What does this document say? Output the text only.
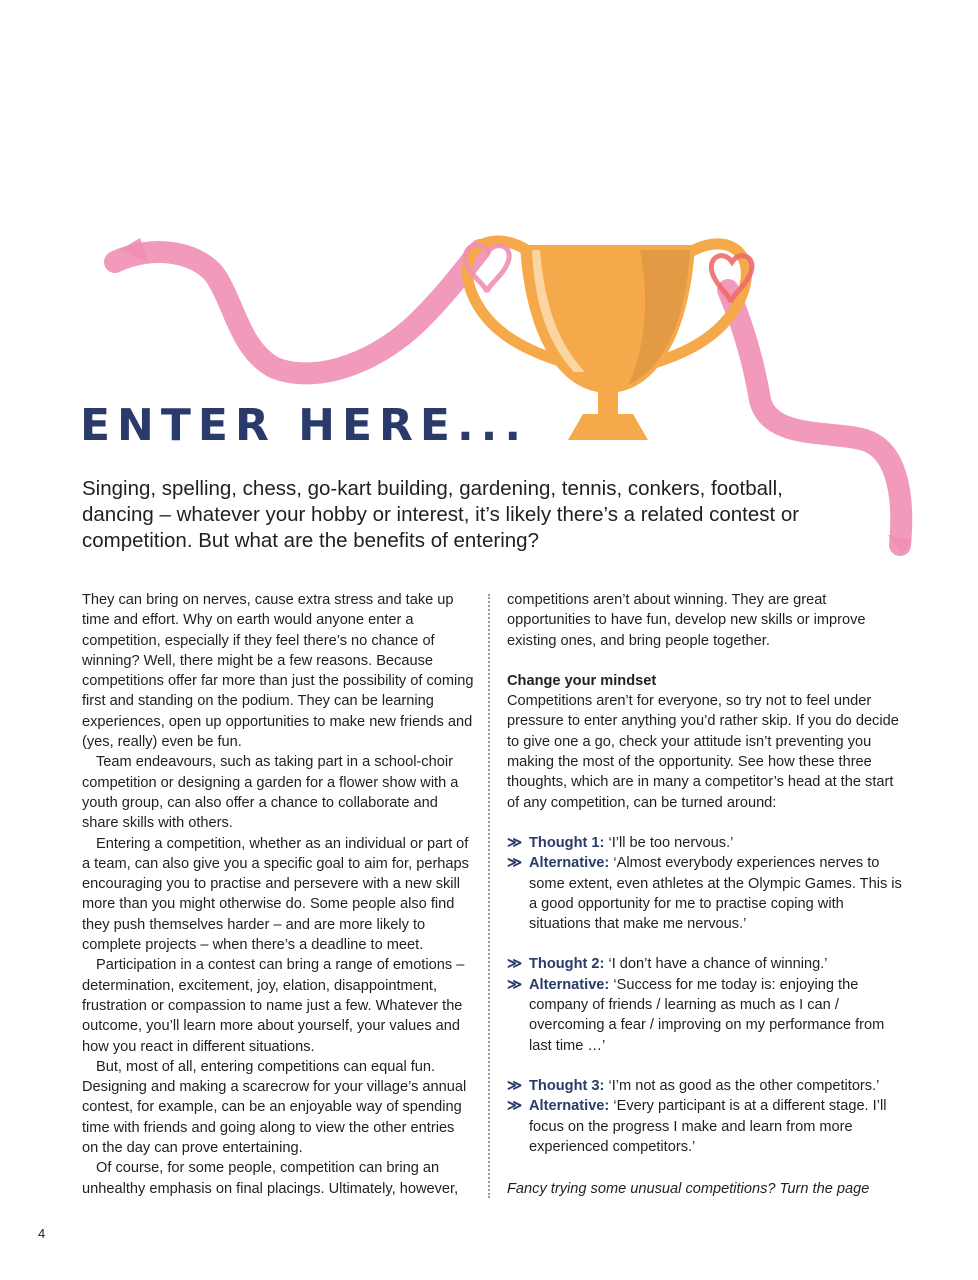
ENTER HERE...

Singing, spelling, chess, go-kart building, gardening, tennis, conkers, football, dancing – whatever your hobby or interest, it’s likely there’s a related contest or competition. But what are the benefits of entering?

They can bring on nerves, cause extra stress and take up time and effort. Why on earth would anyone enter a competition, especially if they feel there’s no chance of winning? Well, there might be a few reasons. Because competitions offer far more than just the possibility of coming first and standing on the podium. They can be learning experiences, open up opportunities to make new friends and (yes, really) even be fun.

Team endeavours, such as taking part in a school-choir competition or designing a garden for a flower show with a youth group, can also offer a chance to collaborate and share skills with others.

Entering a competition, whether as an individual or part of a team, can also give you a specific goal to aim for, perhaps encouraging you to practise and persevere with a new skill more than you might otherwise do. Some people also find they push themselves harder – and are more likely to complete projects – when there’s a deadline to meet.

Participation in a contest can bring a range of emotions – determination, excitement, joy, elation, disappointment, frustration or compassion to name just a few. Whatever the outcome, you’ll learn more about yourself, your values and how you react in different situations.

But, most of all, entering competitions can equal fun. Designing and making a scarecrow for your village’s annual contest, for example, can be an enjoyable way of spending time with friends and going along to view the other entries on the day can prove entertaining.

Of course, for some people, competition can bring an unhealthy emphasis on final placings. Ultimately, however,

competitions aren’t about winning. They are great opportunities to have fun, develop new skills or improve existing ones, and bring people together.

Change your mindset

Competitions aren’t for everyone, so try not to feel under pressure to enter anything you’d rather skip. If you do decide to give one a go, check your attitude isn’t preventing you making the most of the opportunity. See how these three thoughts, which are in many a competitor’s head at the start of any competition, can be turned around:

≫ Thought 1: ‘I’ll be too nervous.’
≫ Alternative: ‘Almost everybody experiences nerves to some extent, even athletes at the Olympic Games. This is a good opportunity for me to practise coping with situations that make me nervous.’
≫ Thought 2: ‘I don’t have a chance of winning.’
≫ Alternative: ‘Success for me today is: enjoying the company of friends / learning as much as I can / overcoming a fear / improving on my performance from last time …’
≫ Thought 3: ‘I’m not as good as the other competitors.’
≫ Alternative: ‘Every participant is at a different stage. I’ll focus on the progress I make and learn from more experienced competitors.’

Fancy trying some unusual competitions? Turn the page

4
